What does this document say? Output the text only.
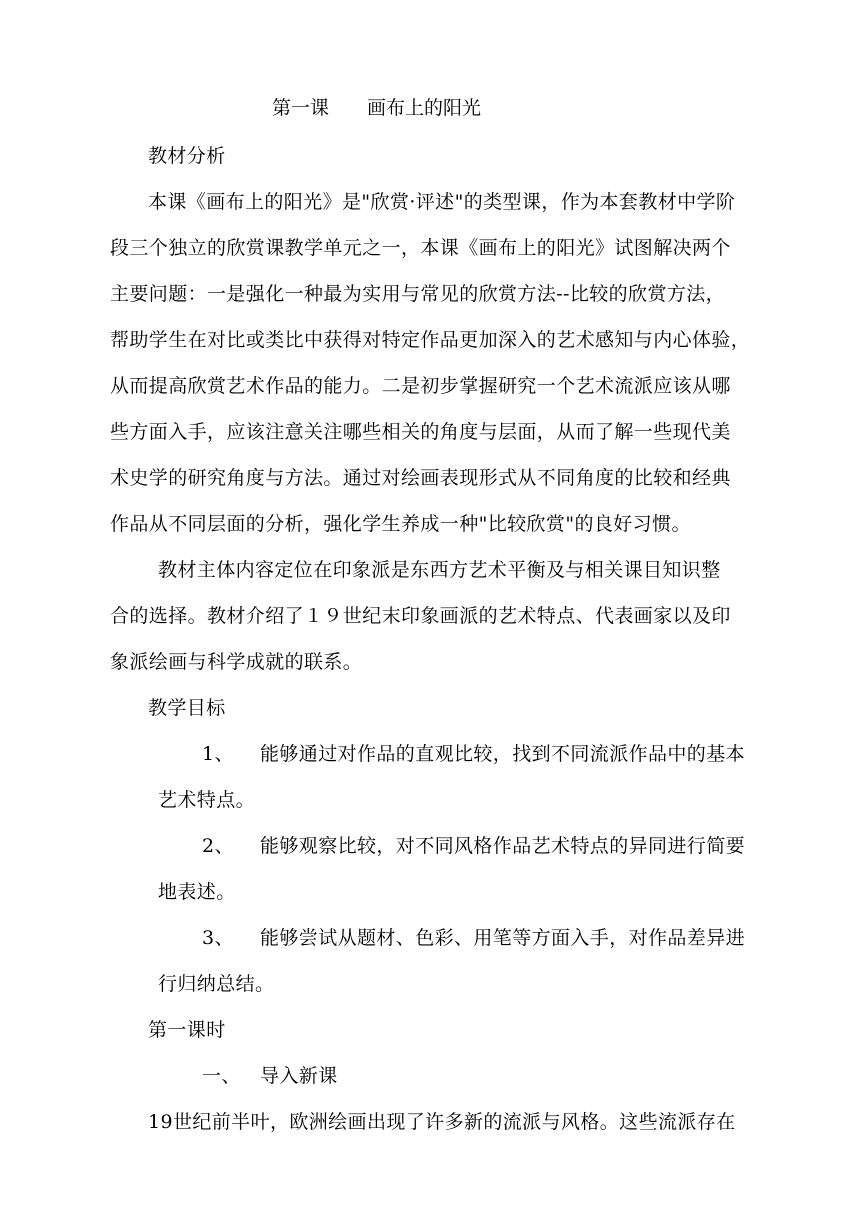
第一课 画布上的阳光
教材分析
本课《画布上的阳光》是"欣赏·评述"的类型课，作为本套教材中学阶
段三个独立的欣赏课教学单元之一，本课《画布上的阳光》试图解决两个
主要问题：一是强化一种最为实用与常见的欣赏方法--比较的欣赏方法，
帮助学生在对比或类比中获得对特定作品更加深入的艺术感知与内心体验，
从而提高欣赏艺术作品的能力。二是初步掌握研究一个艺术流派应该从哪
些方面入手，应该注意关注哪些相关的角度与层面，从而了解一些现代美
术史学的研究角度与方法。通过对绘画表现形式从不同角度的比较和经典
作品从不同层面的分析，强化学生养成一种"比较欣赏"的良好习惯。
教材主体内容定位在印象派是东西方艺术平衡及与相关课目知识整
合的选择。教材介绍了１９世纪末印象画派的艺术特点、代表画家以及印
象派绘画与科学成就的联系。
教学目标
1、 能够通过对作品的直观比较，找到不同流派作品中的基本
艺术特点。
2、 能够观察比较，对不同风格作品艺术特点的异同进行简要
地表述。
3、 能够尝试从题材、色彩、用笔等方面入手，对作品差异进
行归纳总结。
第一课时
一、 导入新课
19世纪前半叶，欧洲绘画出现了许多新的流派与风格。这些流派存在
